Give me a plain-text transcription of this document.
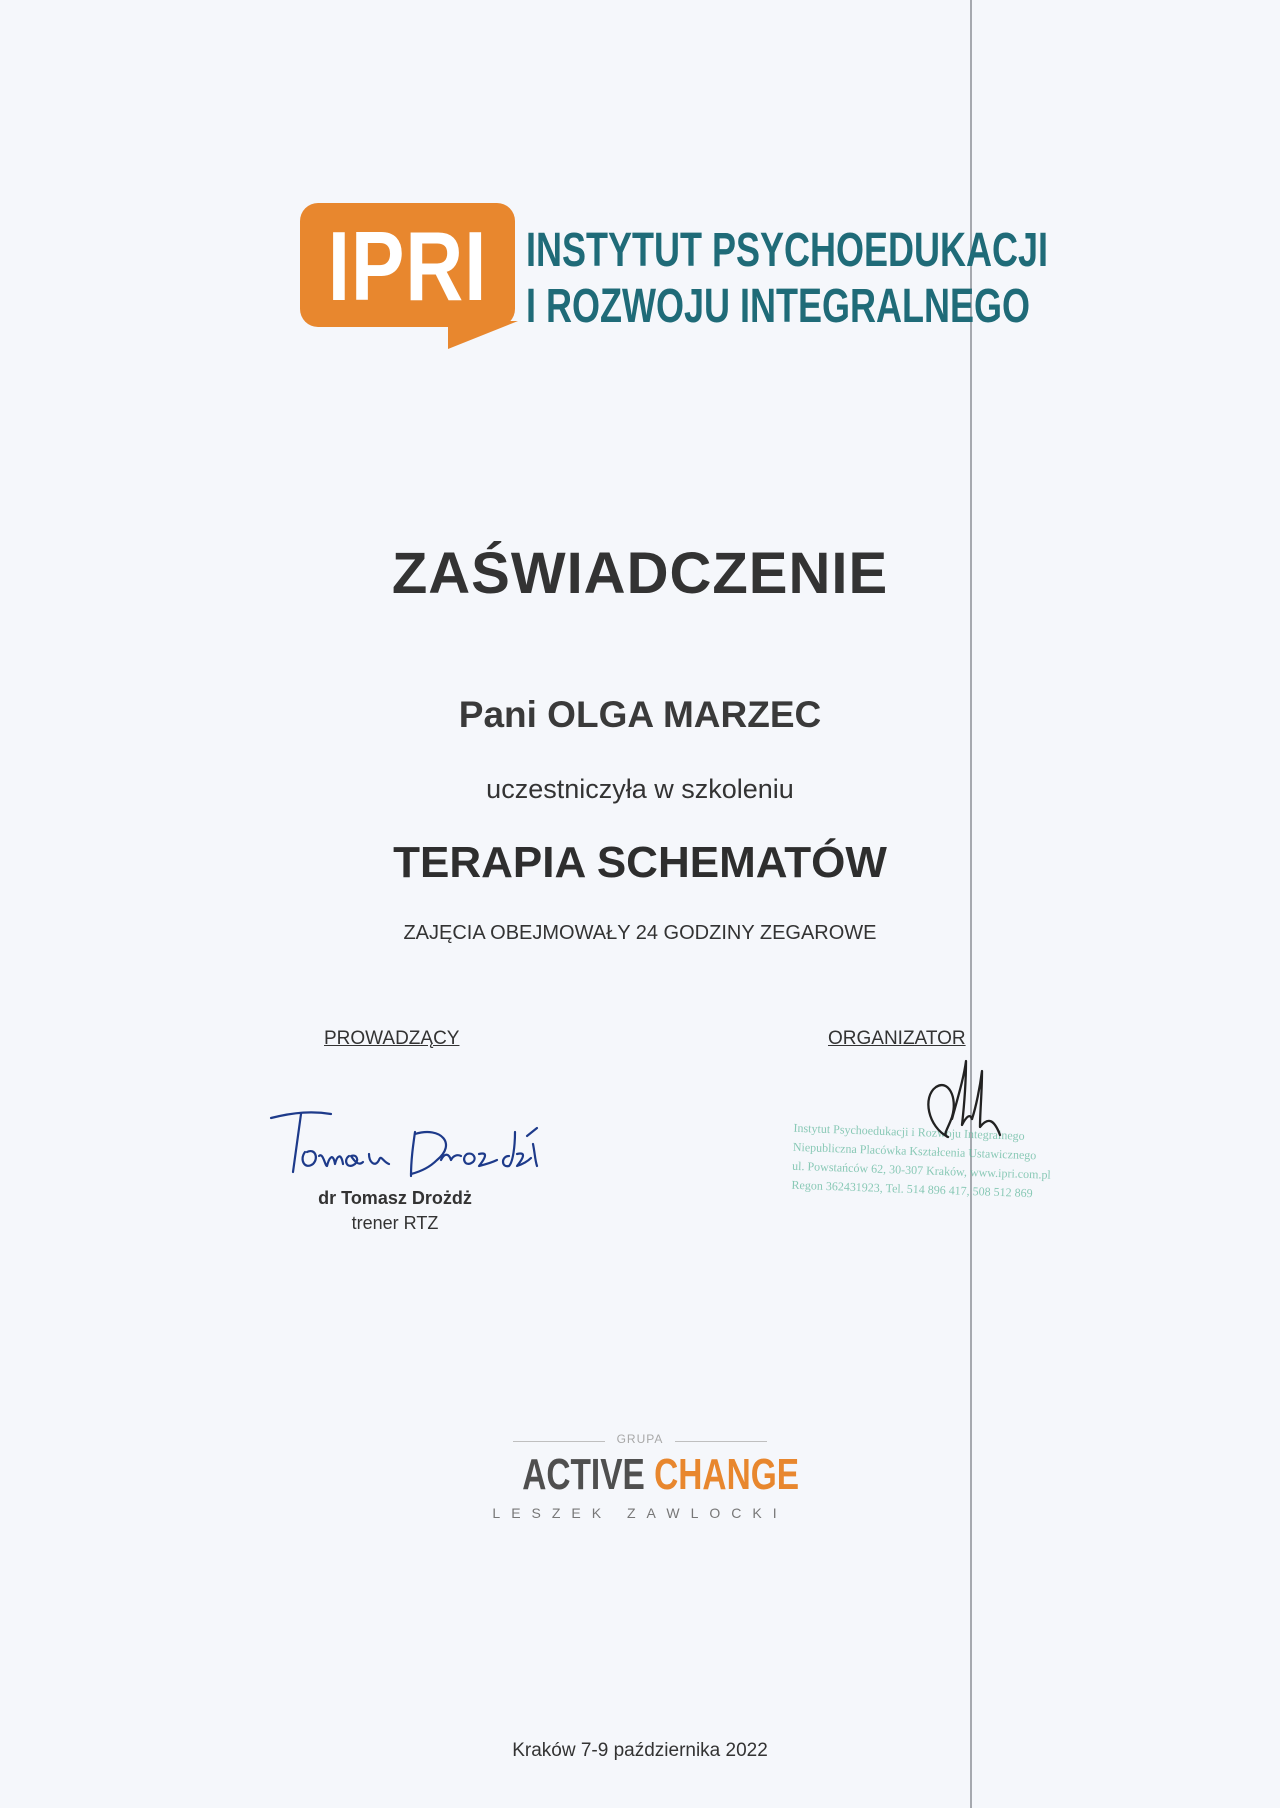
IPRI INSTYTUT PSYCHOEDUKACJI
I ROZWOJU INTEGRALNEGO
ZAŚWIADCZENIE
Pani OLGA MARZEC
uczestniczyła w szkoleniu
TERAPIA SCHEMATÓW
ZAJĘCIA OBEJMOWAŁY 24 GODZINY ZEGAROWE
PROWADZĄCY
dr Tomasz Drożdż
trener RTZ
ORGANIZATOR
Instytut Psychoedukacji i Rozwoju Integralnego
Niepubliczna Placówka Kształcenia Ustawicznego
ul. Powstańców 62, 30-307 Kraków, www.ipri.com.pl
Regon 362431923, Tel. 514 896 417, 508 512 869
GRUPA
ACTIVE CHANGE
LESZEK ZAWLOCKI
Kraków 7-9 października 2022
